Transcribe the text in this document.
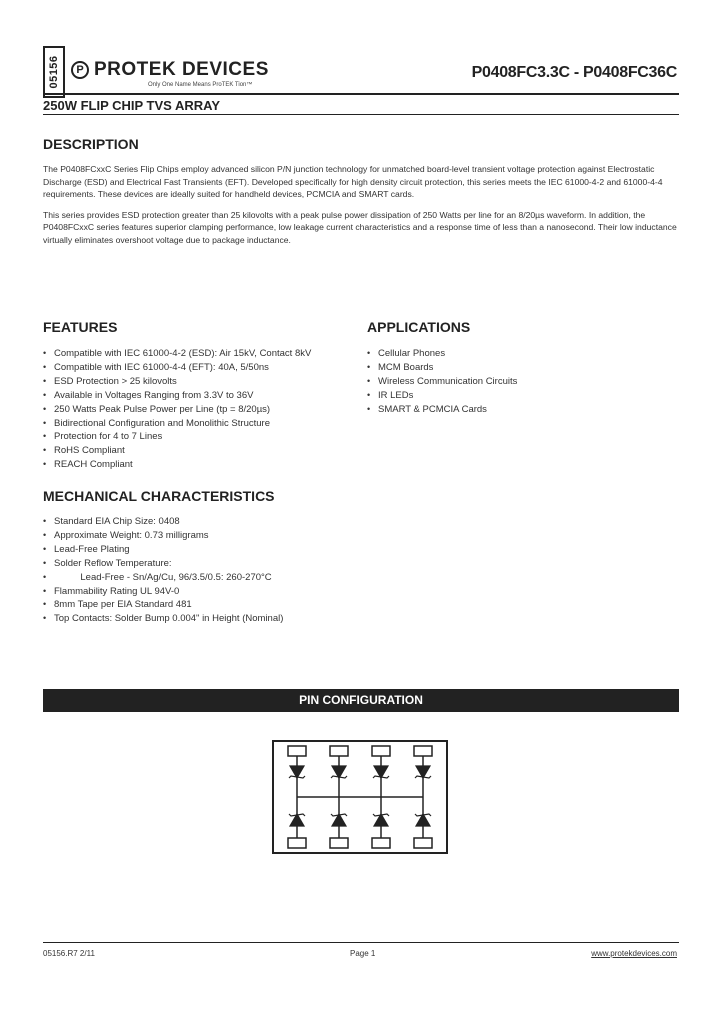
05156	P PROTEK DEVICES
Only One Name Means ProTEK Tion™
P0408FC3.3C - P0408FC36C
250W FLIP CHIP TVS ARRAY
DESCRIPTION

The P0408FCxxC Series Flip Chips employ advanced silicon P/N junction technology for unmatched board-level transient voltage protection against Electrostatic Discharge (ESD) and Electrical Fast Transients (EFT). Developed specifically for high density circuit protection, this series meets the IEC 61000-4-2 and 61000-4-4 requirements. These devices are ideally suited for handheld devices, PCMCIA and SMART cards.

This series provides ESD protection greater than 25 kilovolts with a peak pulse power dissipation of 250 Watts per line for an 8/20µs waveform. In addition, the P0408FCxxC series features superior clamping performance, low leakage current characteristics and a response time of less than a nanosecond. Their low inductance virtually eliminates overshoot voltage due to package inductance.

FEATURES
• Compatible with IEC 61000-4-2 (ESD): Air 15kV, Contact 8kV
• Compatible with IEC 61000-4-4 (EFT): 40A, 5/50ns
• ESD Protection > 25 kilovolts
• Available in Voltages Ranging from 3.3V to 36V
• 250 Watts Peak Pulse Power per Line (tp = 8/20µs)
• Bidirectional Configuration and Monolithic Structure
• Protection for 4 to 7 Lines
• RoHS Compliant
• REACH Compliant
APPLICATIONS
• Cellular Phones
• MCM Boards
• Wireless Communication Circuits
• IR LEDs
• SMART & PCMCIA Cards
MECHANICAL CHARACTERISTICS
• Standard EIA Chip Size: 0408
• Approximate Weight: 0.73 milligrams
• Lead-Free Plating
• Solder Reflow Temperature:
•           Lead-Free - Sn/Ag/Cu, 96/3.5/0.5: 260-270°C
• Flammability Rating UL 94V-0
• 8mm Tape per EIA Standard 481
• Top Contacts: Solder Bump 0.004" in Height (Nominal)
PIN CONFIGURATION
05156.R7 2/11	Page 1	www.protekdevices.com
